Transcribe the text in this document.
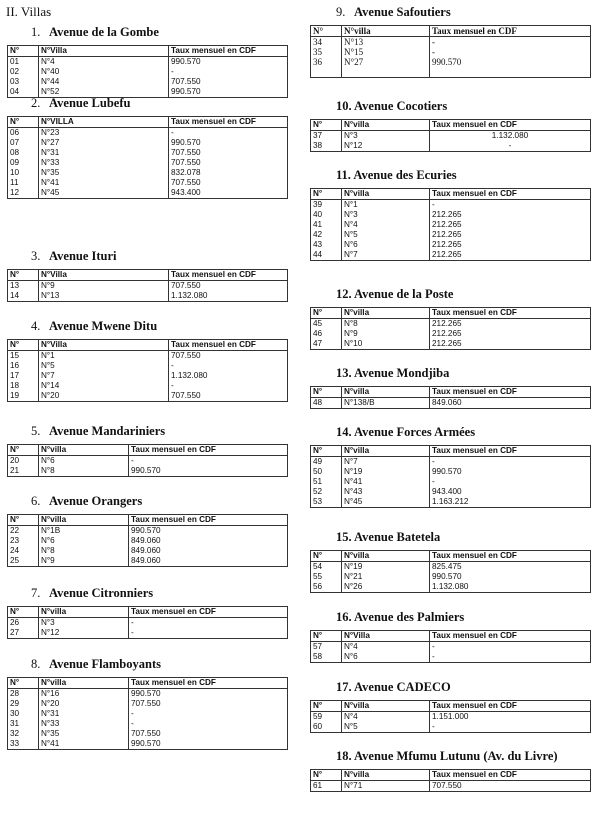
II. Villas
1.   Avenue de la Gombe
N°	N°Villa	Taux mensuel en CDF
01	N°4	990.570
02	N°40	-
03	N°44	707.550
04	N°52	990.570
2.   Avenue Lubefu
N°	N°VILLA	Taux mensuel en CDF
06	N°23	-
07	N°27	990.570
08	N°31	707.550
09	N°33	707.550
10	N°35	832.078
11	N°41	707.550
12	N°45	943.400
3.   Avenue Ituri
N°	N°Villa	Taux mensuel en CDF
13	N°9	707.550
14	N°13	1.132.080
4.   Avenue Mwene Ditu
N°	N°Villa	Taux mensuel en CDF
15	N°1	707.550
16	N°5	-
17	N°7	1.132.080
18	N°14	-
19	N°20	707.550
5.   Avenue Mandariniers
N°	N°villa	Taux mensuel en CDF
20	N°6	-
21	N°8	990.570
6.   Avenue Orangers
N°	N°villa	Taux mensuel en CDF
22	N°1B	990.570
23	N°6	849.060
24	N°8	849.060
25	N°9	849.060
7.   Avenue Citronniers
N°	N°villa	Taux mensuel en CDF
26	N°3	-
27	N°12	-
8.   Avenue Flamboyants
N°	N°villa	Taux mensuel en CDF
28	N°16	990.570
29	N°20	707.550
30	N°31	-
31	N°33	-
32	N°35	707.550
33	N°41	990.570
9.   Avenue Safoutiers
N°	N°villa	Taux mensuel en CDF
34	N°13	-
35	N°15	-
36	N°27	990.570

10. Avenue Cocotiers
N°	N°villa	Taux mensuel en CDF
37	N°3	1.132.080
38	N°12	-
11. Avenue des Ecuries
N°	N°villa	Taux mensuel en CDF
39	N°1	-
40	N°3	212.265
41	N°4	212.265
42	N°5	212.265
43	N°6	212.265
44	N°7	212.265
12. Avenue de la Poste
N°	N°villa	Taux mensuel en CDF
45	N°8	212.265
46	N°9	212.265
47	N°10	212.265
13. Avenue Mondjiba
N°	N°villa	Taux mensuel en CDF
48	N°138/B	849.060
14. Avenue Forces Armées
N°	N°villa	Taux mensuel en CDF
49	N°7	-
50	N°19	990.570
51	N°41	-
52	N°43	943.400
53	N°45	1.163.212
15. Avenue Batetela
N°	N°villa	Taux mensuel en CDF
54	N°19	825.475
55	N°21	990.570
56	N°26	1.132.080
16. Avenue des Palmiers
N°	N°Villa	Taux mensuel en CDF
57	N°4	-
58	N°6	-
17. Avenue CADECO
N°	N°villa	Taux mensuel en CDF
59	N°4	1.151.000
60	N°5	-
18. Avenue Mfumu Lutunu (Av. du Livre)
N°	N°villa	Taux mensuel en CDF
61	N°71	707.550
